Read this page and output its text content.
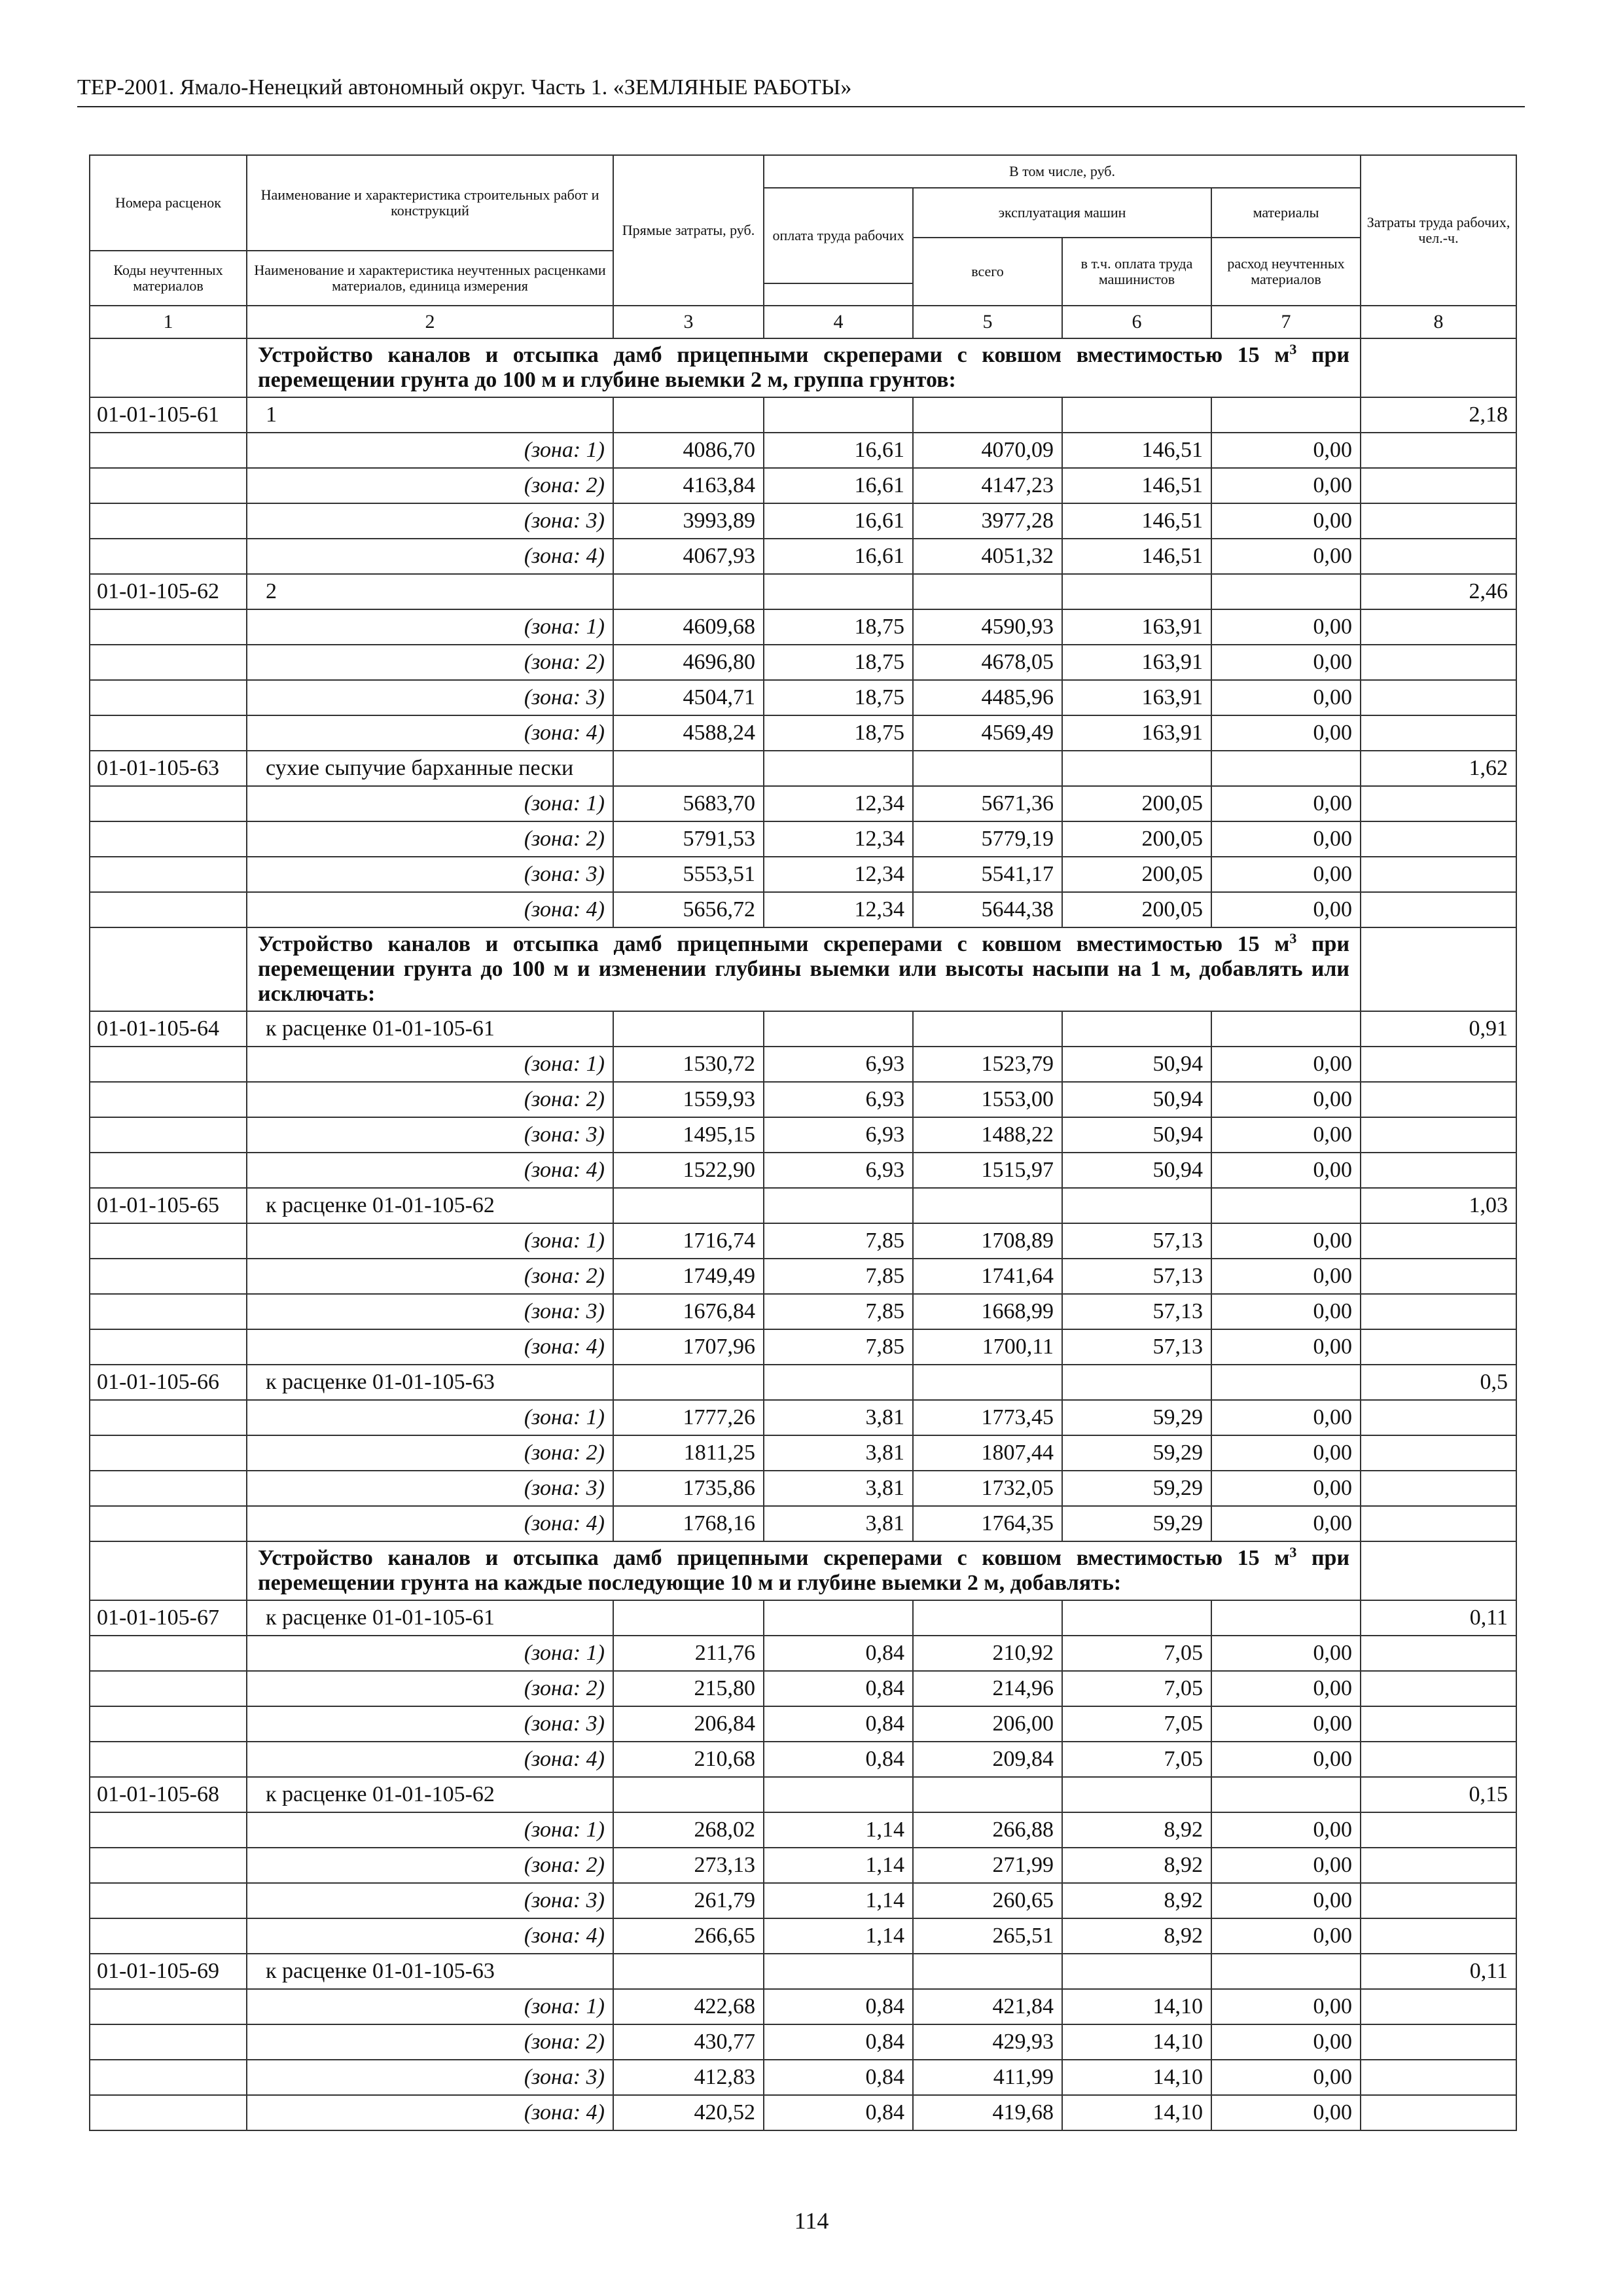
ТЕР-2001. Ямало-Ненецкий автономный округ. Часть 1. «ЗЕМЛЯНЫЕ РАБОТЫ»
Номера расценок	Наименование и характеристика строительных работ и конструкций	Прямые затраты, руб.	В том числе, руб.				Затраты труда рабочих, чел.-ч.
			оплата труда рабочих	эксплуатация машин		материалы	
				всего	в т.ч. оплата труда машинистов	расход неучтенных материалов	
Коды неучтенных материалов	Наименование и характеристика неучтенных расценками материалов, единица измерения						

1	2	3	4	5	6	7	8
	Устройство каналов и отсыпка дамб прицепными скреперами с ковшом вместимостью 15 $м^3$ при перемещении грунта до 100 м и глубине выемки 2 м, группа грунтов:						
01-01-105-61	1						2,18
	(зона: 1)	4086,70	16,61	4070,09	146,51	0,00	
	(зона: 2)	4163,84	16,61	4147,23	146,51	0,00	
	(зона: 3)	3993,89	16,61	3977,28	146,51	0,00	
	(зона: 4)	4067,93	16,61	4051,32	146,51	0,00	
01-01-105-62	2						2,46
	(зона: 1)	4609,68	18,75	4590,93	163,91	0,00	
	(зона: 2)	4696,80	18,75	4678,05	163,91	0,00	
	(зона: 3)	4504,71	18,75	4485,96	163,91	0,00	
	(зона: 4)	4588,24	18,75	4569,49	163,91	0,00	
01-01-105-63	сухие сыпучие барханные пески						1,62
	(зона: 1)	5683,70	12,34	5671,36	200,05	0,00	
	(зона: 2)	5791,53	12,34	5779,19	200,05	0,00	
	(зона: 3)	5553,51	12,34	5541,17	200,05	0,00	
	(зона: 4)	5656,72	12,34	5644,38	200,05	0,00	
	Устройство каналов и отсыпка дамб прицепными скреперами с ковшом вместимостью 15 $м^3$ при перемещении грунта до 100 м и изменении глубины выемки или высоты насыпи на 1 м, добавлять или исключать:						
01-01-105-64	к расценке 01-01-105-61						0,91
	(зона: 1)	1530,72	6,93	1523,79	50,94	0,00	
	(зона: 2)	1559,93	6,93	1553,00	50,94	0,00	
	(зона: 3)	1495,15	6,93	1488,22	50,94	0,00	
	(зона: 4)	1522,90	6,93	1515,97	50,94	0,00	
01-01-105-65	к расценке 01-01-105-62						1,03
	(зона: 1)	1716,74	7,85	1708,89	57,13	0,00	
	(зона: 2)	1749,49	7,85	1741,64	57,13	0,00	
	(зона: 3)	1676,84	7,85	1668,99	57,13	0,00	
	(зона: 4)	1707,96	7,85	1700,11	57,13	0,00	
01-01-105-66	к расценке 01-01-105-63						0,5
	(зона: 1)	1777,26	3,81	1773,45	59,29	0,00	
	(зона: 2)	1811,25	3,81	1807,44	59,29	0,00	
	(зона: 3)	1735,86	3,81	1732,05	59,29	0,00	
	(зона: 4)	1768,16	3,81	1764,35	59,29	0,00	
	Устройство каналов и отсыпка дамб прицепными скреперами с ковшом вместимостью 15 $м^3$ при перемещении грунта на каждые последующие 10 м и глубине выемки 2 м, добавлять:						
01-01-105-67	к расценке 01-01-105-61						0,11
	(зона: 1)	211,76	0,84	210,92	7,05	0,00	
	(зона: 2)	215,80	0,84	214,96	7,05	0,00	
	(зона: 3)	206,84	0,84	206,00	7,05	0,00	
	(зона: 4)	210,68	0,84	209,84	7,05	0,00	
01-01-105-68	к расценке 01-01-105-62						0,15
	(зона: 1)	268,02	1,14	266,88	8,92	0,00	
	(зона: 2)	273,13	1,14	271,99	8,92	0,00	
	(зона: 3)	261,79	1,14	260,65	8,92	0,00	
	(зона: 4)	266,65	1,14	265,51	8,92	0,00	
01-01-105-69	к расценке 01-01-105-63						0,11
	(зона: 1)	422,68	0,84	421,84	14,10	0,00	
	(зона: 2)	430,77	0,84	429,93	14,10	0,00	
	(зона: 3)	412,83	0,84	411,99	14,10	0,00	
	(зона: 4)	420,52	0,84	419,68	14,10	0,00	
114
